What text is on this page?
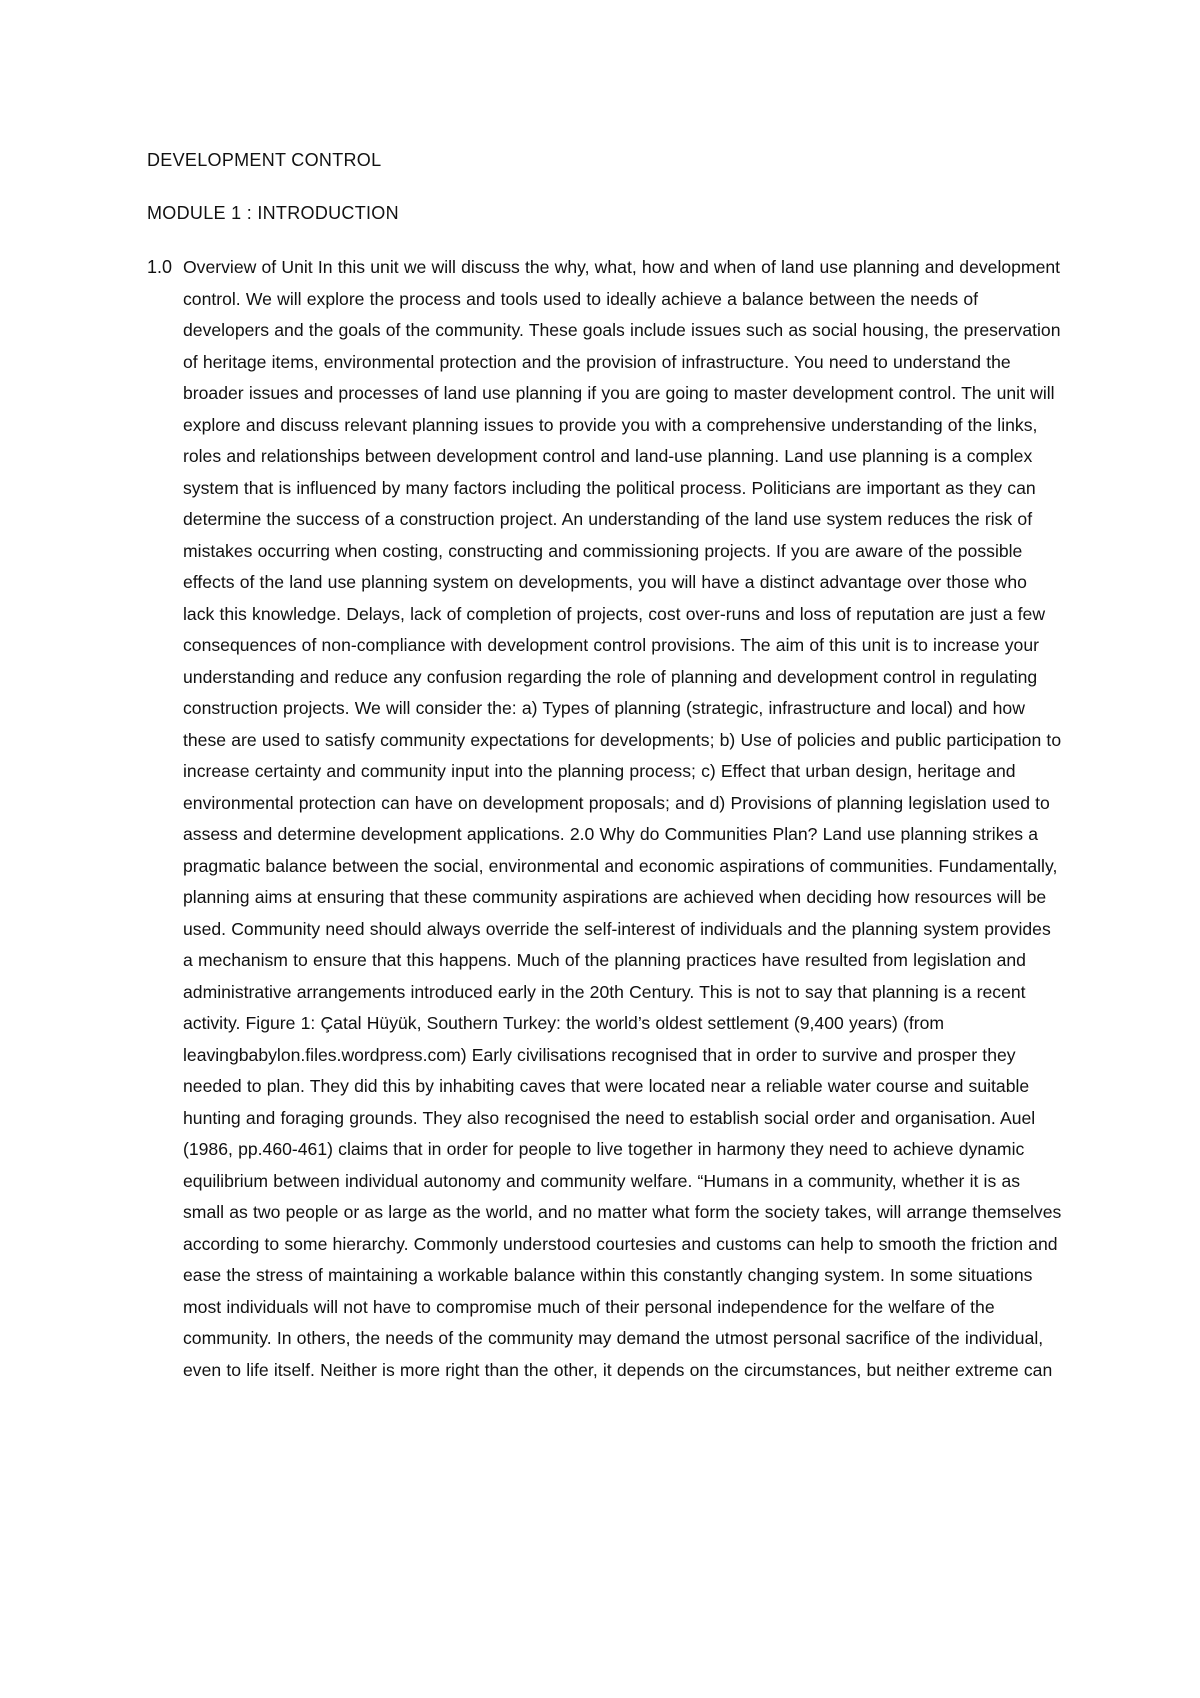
DEVELOPMENT CONTROL
MODULE 1 : INTRODUCTION
1.0 Overview of Unit In this unit we will discuss the why, what, how and when of land use planning and development control. We will explore the process and tools used to ideally achieve a balance between the needs of developers and the goals of the community. These goals include issues such as social housing, the preservation of heritage items, environmental protection and the provision of infrastructure. You need to understand the broader issues and processes of land use planning if you are going to master development control. The unit will explore and discuss relevant planning issues to provide you with a comprehensive understanding of the links, roles and relationships between development control and land-use planning. Land use planning is a complex system that is influenced by many factors including the political process. Politicians are important as they can determine the success of a construction project. An understanding of the land use system reduces the risk of mistakes occurring when costing, constructing and commissioning projects. If you are aware of the possible effects of the land use planning system on developments, you will have a distinct advantage over those who lack this knowledge. Delays, lack of completion of projects, cost over-runs and loss of reputation are just a few consequences of non-compliance with development control provisions. The aim of this unit is to increase your understanding and reduce any confusion regarding the role of planning and development control in regulating construction projects. We will consider the: a) Types of planning (strategic, infrastructure and local) and how these are used to satisfy community expectations for developments; b) Use of policies and public participation to increase certainty and community input into the planning process; c) Effect that urban design, heritage and environmental protection can have on development proposals; and d) Provisions of planning legislation used to assess and determine development applications. 2.0 Why do Communities Plan? Land use planning strikes a pragmatic balance between the social, environmental and economic aspirations of communities. Fundamentally, planning aims at ensuring that these community aspirations are achieved when deciding how resources will be used. Community need should always override the self-interest of individuals and the planning system provides a mechanism to ensure that this happens. Much of the planning practices have resulted from legislation and administrative arrangements introduced early in the 20th Century. This is not to say that planning is a recent activity. Figure 1: Çatal Hüyük, Southern Turkey: the world’s oldest settlement (9,400 years) (from leavingbabylon.files.wordpress.com) Early civilisations recognised that in order to survive and prosper they needed to plan. They did this by inhabiting caves that were located near a reliable water course and suitable hunting and foraging grounds. They also recognised the need to establish social order and organisation. Auel (1986, pp.460-461) claims that in order for people to live together in harmony they need to achieve dynamic equilibrium between individual autonomy and community welfare. “Humans in a community, whether it is as small as two people or as large as the world, and no matter what form the society takes, will arrange themselves according to some hierarchy. Commonly understood courtesies and customs can help to smooth the friction and ease the stress of maintaining a workable balance within this constantly changing system. In some situations most individuals will not have to compromise much of their personal independence for the welfare of the community. In others, the needs of the community may demand the utmost personal sacrifice of the individual, even to life itself. Neither is more right than the other, it depends on the circumstances, but neither extreme can
